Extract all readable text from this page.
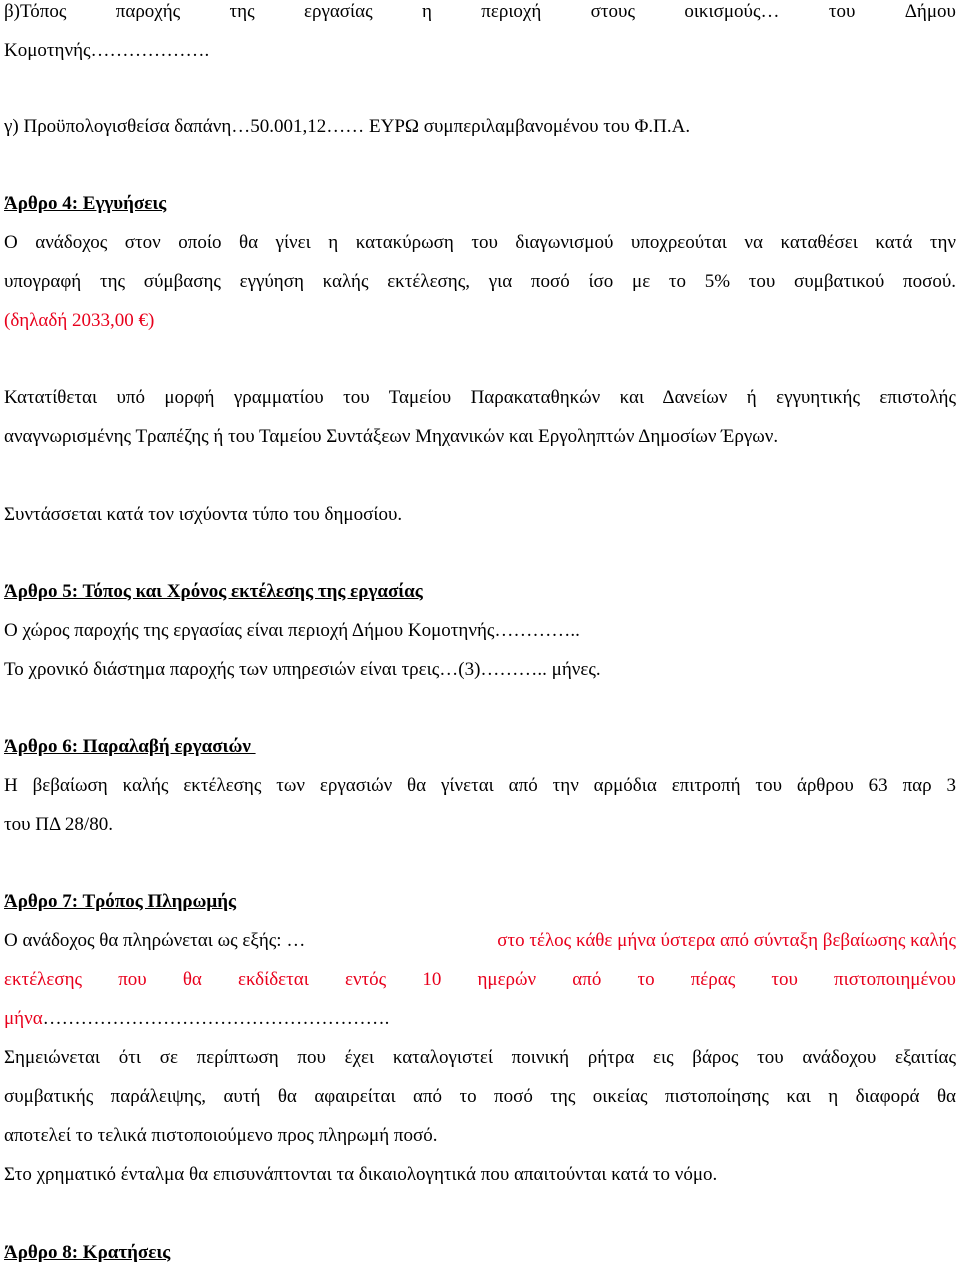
β)Τόπος	παροχής	της	εργασίας	η	περιοχή	στους	οικισμούς…	του	Δήμου
Κομοτηνής……………….
γ) Προϋπολογισθείσα δαπάνη…50.001,12…… ΕΥΡΩ συμπεριλαμβανομένου του Φ.Π.Α.
Άρθρο 4: Εγγυήσεις
Ο ανάδοχος στον οποίο θα γίνει η κατακύρωση του διαγωνισμού υποχρεούται να καταθέσει κατά την
υπογραφή της σύμβασης εγγύηση καλής εκτέλεσης, για ποσό ίσο με το 5% του συμβατικού ποσού.
(δηλαδή 2033,00 €)
Κατατίθεται υπό μορφή γραμματίου του Ταμείου Παρακαταθηκών και Δανείων ή εγγυητικής επιστολής
αναγνωρισμένης Τραπέζης ή του Ταμείου Συντάξεων Μηχανικών και Εργοληπτών Δημοσίων Έργων.
Συντάσσεται κατά τον ισχύοντα τύπο του δημοσίου.
Άρθρο 5: Τόπος και Χρόνος εκτέλεσης της εργασίας
Ο χώρος παροχής της εργασίας είναι περιοχή Δήμου Κομοτηνής…………..
Το χρονικό διάστημα παροχής των υπηρεσιών είναι τρεις…(3)……….. μήνες.
Άρθρο 6: Παραλαβή εργασιών
Η βεβαίωση καλής εκτέλεσης των εργασιών θα γίνεται από την αρμόδια επιτροπή του άρθρου 63 παρ 3
του ΠΔ 28/80.
Άρθρο 7: Τρόπος Πληρωμής
Ο ανάδοχος θα πληρώνεται ως εξής: …	στο τέλος κάθε μήνα ύστερα από σύνταξη βεβαίωσης καλής
εκτέλεσης που θα εκδίδεται εντός 10 ημερών από το πέρας του πιστοποιημένου
μήνα……………………………………………….
Σημειώνεται ότι σε περίπτωση που έχει καταλογιστεί ποινική ρήτρα εις βάρος του ανάδοχου εξαιτίας
συμβατικής παράλειψης, αυτή θα αφαιρείται από το ποσό της οικείας πιστοποίησης και η διαφορά θα
αποτελεί το τελικά πιστοποιούμενο προς πληρωμή ποσό.
Στο χρηματικό ένταλμα θα επισυνάπτονται τα δικαιολογητικά που απαιτούνται κατά το νόμο.
Άρθρο 8: Κρατήσεις
